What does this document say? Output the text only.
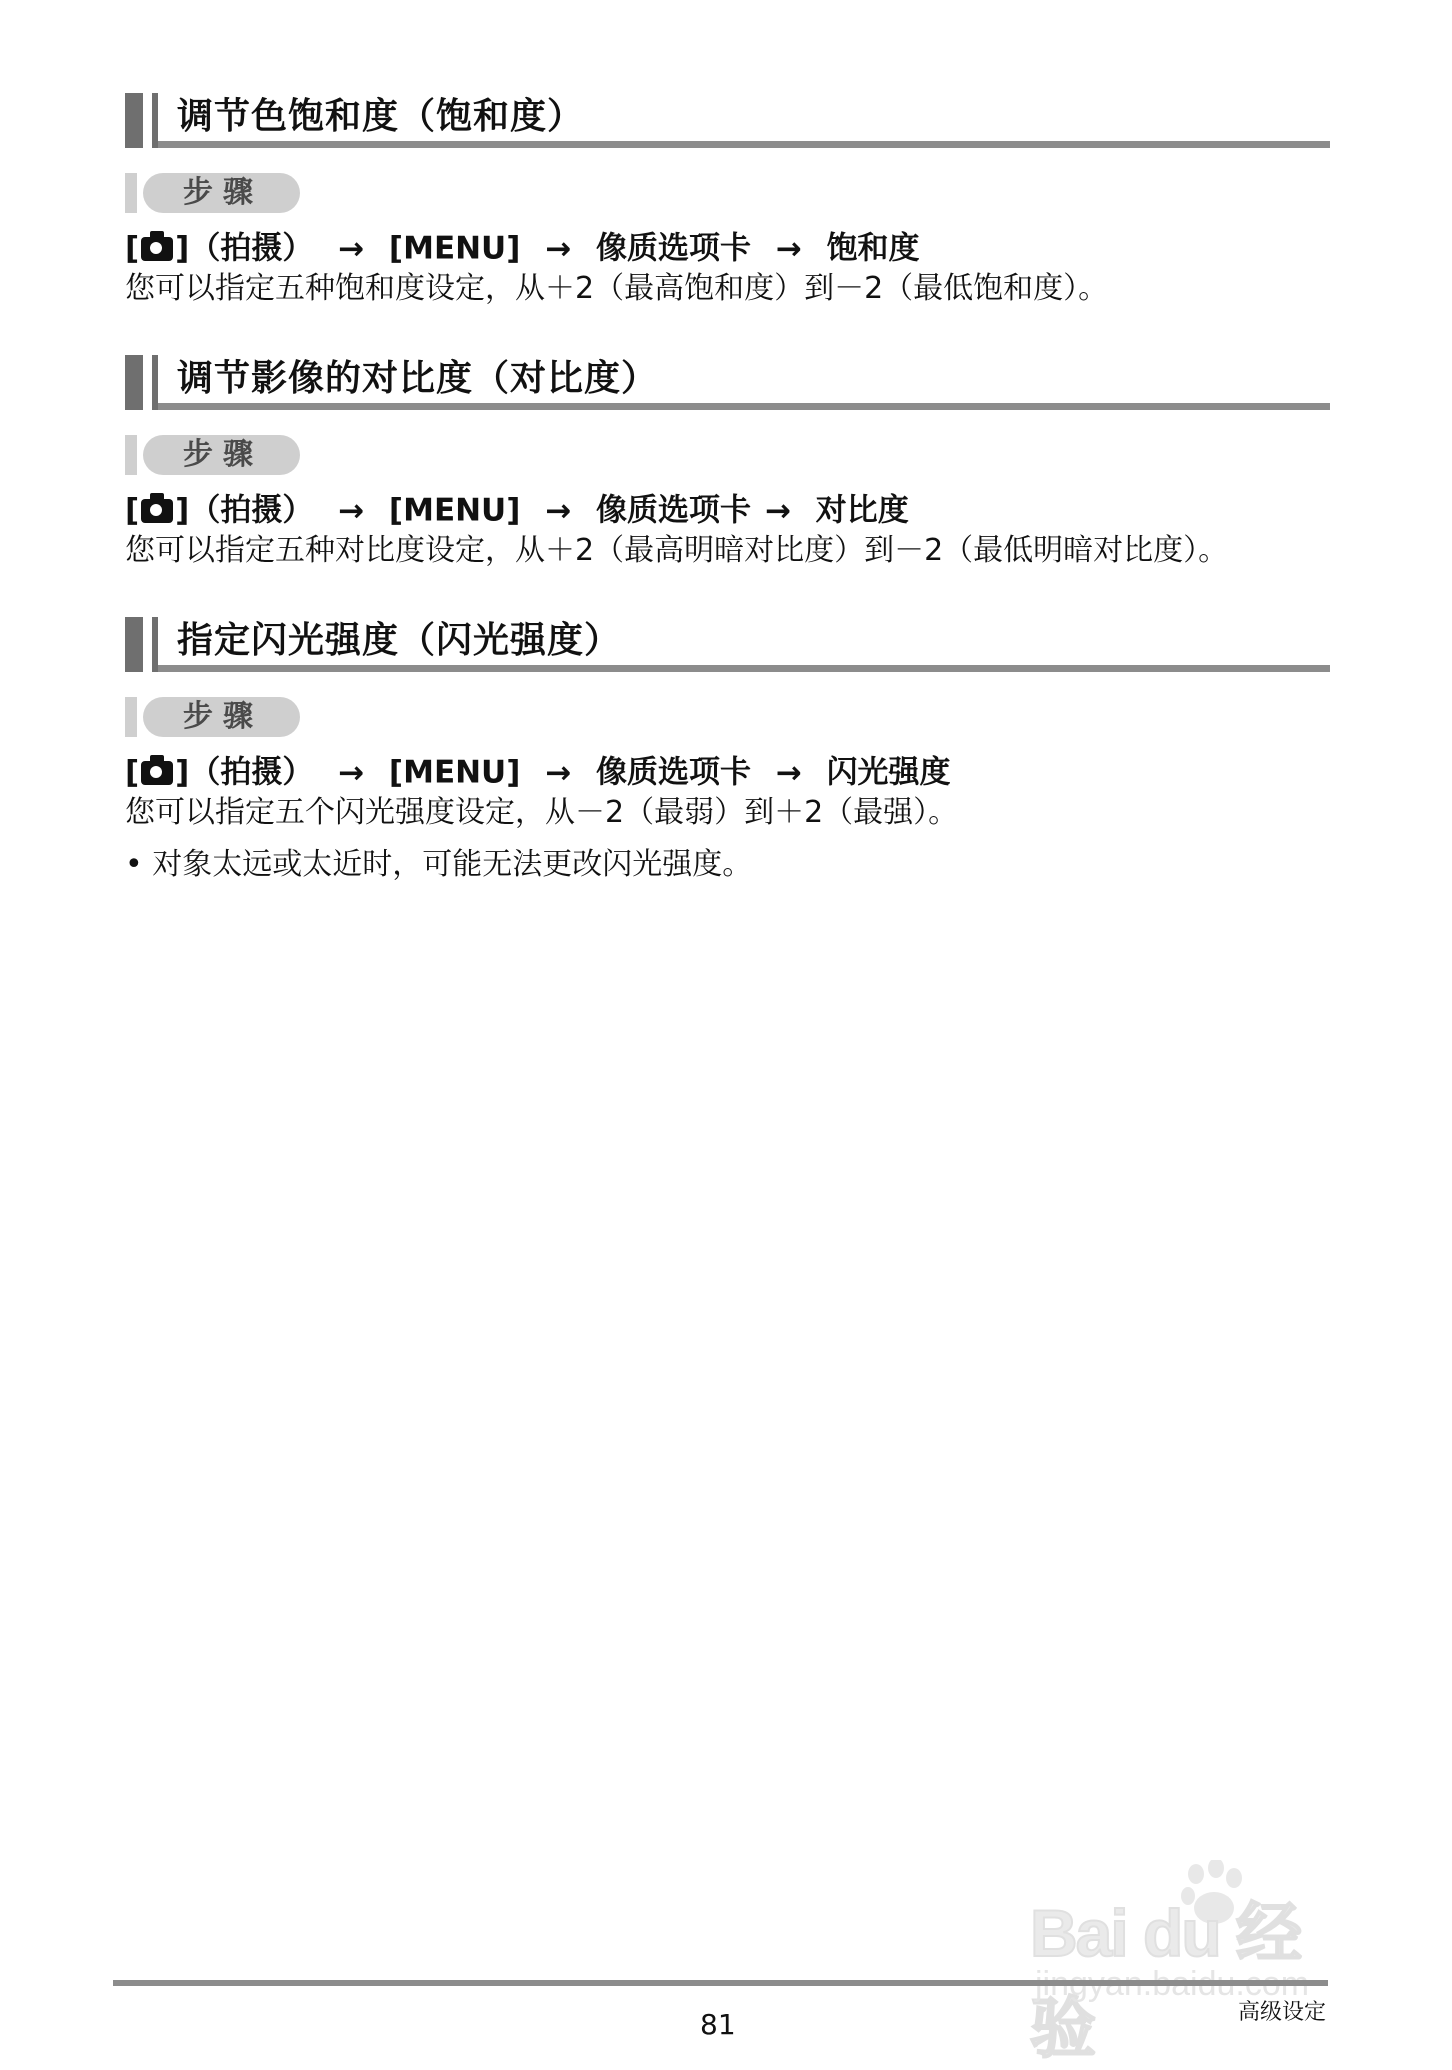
调节色饱和度（饱和度）
步骤
[ ]（拍摄） → [MENU] → 像质选项卡 → 饱和度
您可以指定五种饱和度设定，从＋2（最高饱和度）到－2（最低饱和度）。
调节影像的对比度（对比度）
步骤
[ ]（拍摄） → [MENU] → 像质选项卡 → 对比度
您可以指定五种对比度设定，从＋2（最高明暗对比度）到－2（最低明暗对比度）。
指定闪光强度（闪光强度）
步骤
[ ]（拍摄） → [MENU] → 像质选项卡 → 闪光强度
您可以指定五个闪光强度设定，从－2（最弱）到＋2（最强）。
• 对象太远或太近时，可能无法更改闪光强度。
Bai du 经验
81	高级设定
